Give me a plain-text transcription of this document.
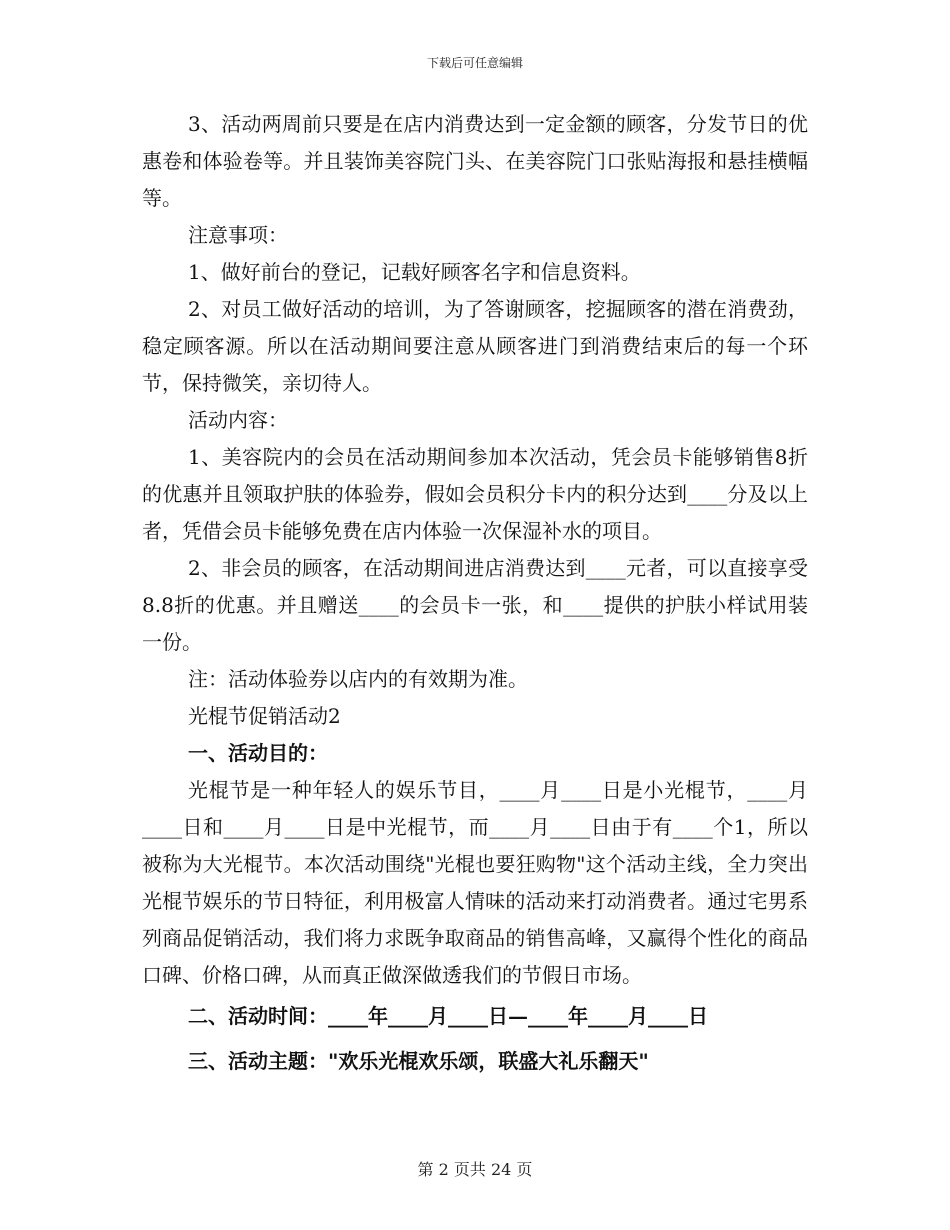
下载后可任意编辑

3、活动两周前只要是在店内消费达到一定金额的顾客，分发节日的优惠卷和体验卷等。并且装饰美容院门头、在美容院门口张贴海报和悬挂横幅等。

注意事项：

1、做好前台的登记，记载好顾客名字和信息资料。

2、对员工做好活动的培训，为了答谢顾客，挖掘顾客的潜在消费劲，稳定顾客源。所以在活动期间要注意从顾客进门到消费结束后的每一个环节，保持微笑，亲切待人。

活动内容：

1、美容院内的会员在活动期间参加本次活动，凭会员卡能够销售8折的优惠并且领取护肤的体验券，假如会员积分卡内的积分达到____分及以上者，凭借会员卡能够免费在店内体验一次保湿补水的项目。

2、非会员的顾客，在活动期间进店消费达到____元者，可以直接享受8.8折的优惠。并且赠送____的会员卡一张，和____提供的护肤小样试用装一份。

注：活动体验券以店内的有效期为准。

光棍节促销活动2

一、活动目的：

光棍节是一种年轻人的娱乐节目，____月____日是小光棍节，____月____日和____月____日是中光棍节，而____月____日由于有____个1，所以被称为大光棍节。本次活动围绕"光棍也要狂购物"这个活动主线，全力突出光棍节娱乐的节日特征，利用极富人情味的活动来打动消费者。通过宅男系列商品促销活动，我们将力求既争取商品的销售高峰，又赢得个性化的商品口碑、价格口碑，从而真正做深做透我们的节假日市场。

二、活动时间：____年____月____日—____年____月____日

三、活动主题："欢乐光棍欢乐颂，联盛大礼乐翻天"

第 2 页共 24 页
